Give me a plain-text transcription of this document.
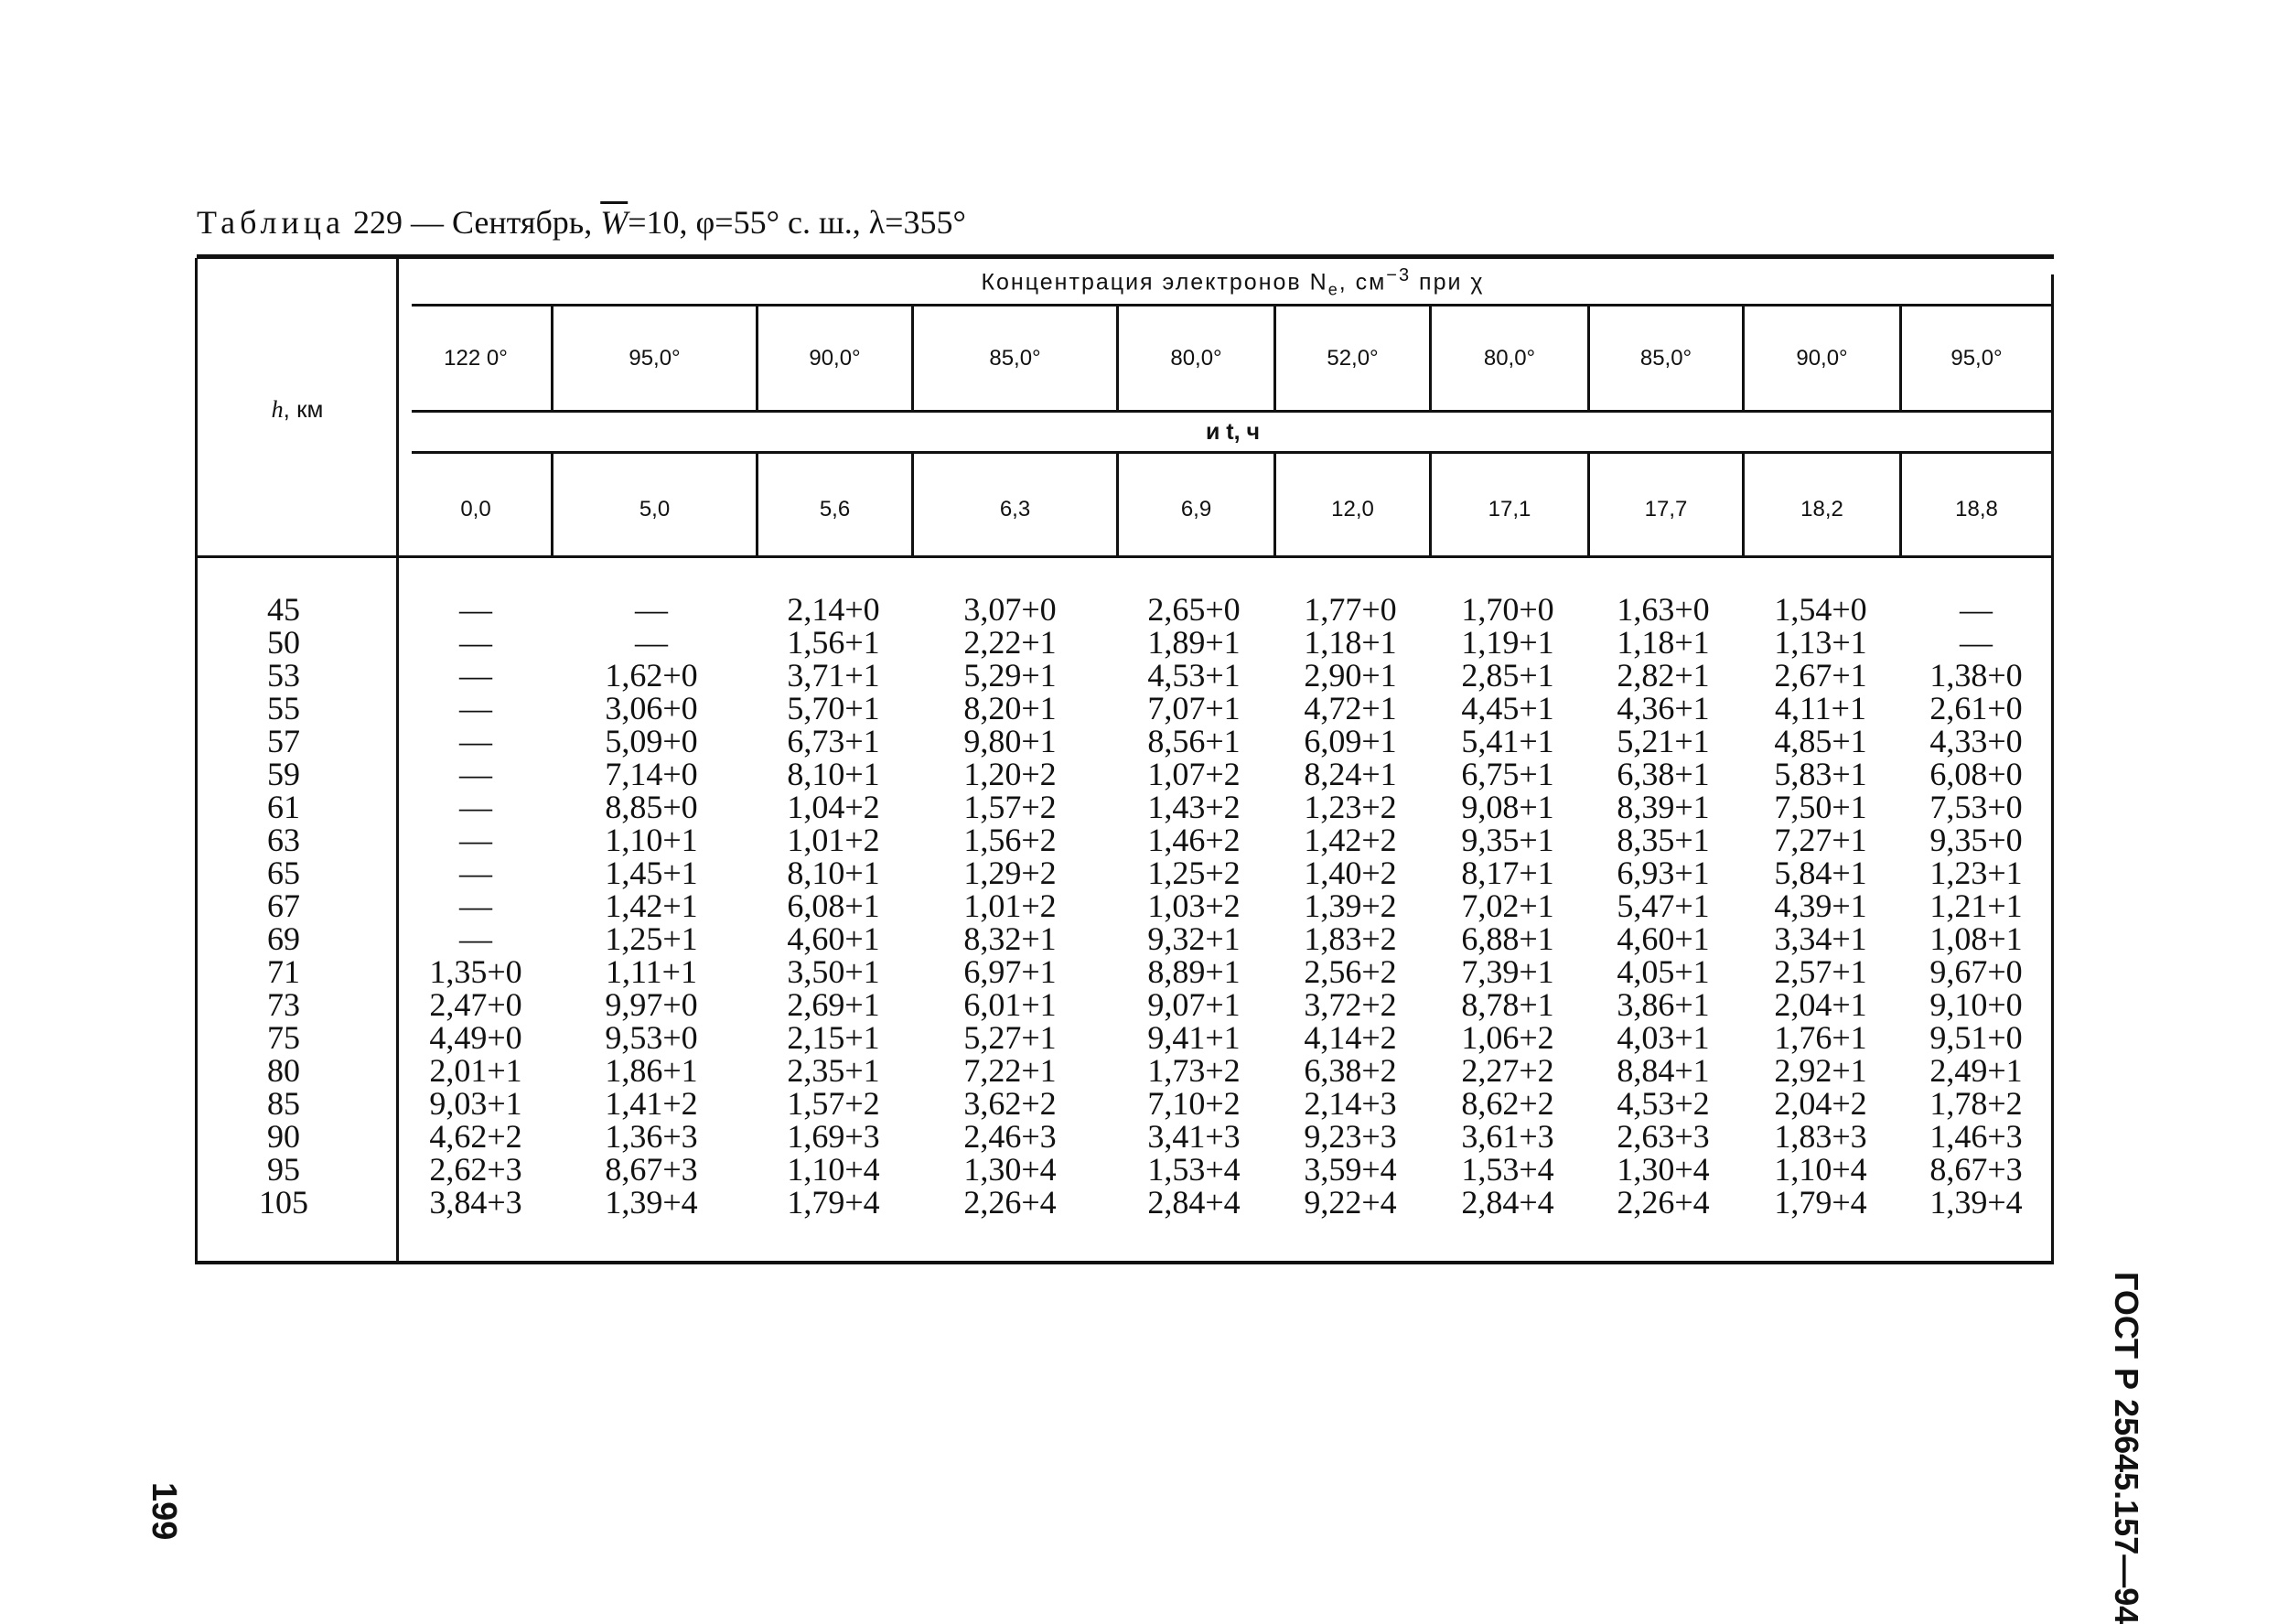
Таблица 229 — Сентябрь, $\overline{W}=10$, φ=55° с. ш., λ=355°
h, км
Концентрация электронов $N_e$, $см^{-3}$ при χ
и t, ч
122 0°	95,0°	90,0°	85,0°	80,0°	52,0°	80,0°	85,0°	90,0°	95,0°
0,0	5,0	5,6	6,3	6,9	12,0	17,1	17,7	18,2	18,8
45	—	—	2,14+0	3,07+0	2,65+0	1,77+0	1,70+0	1,63+0	1,54+0	—
50	—	—	1,56+1	2,22+1	1,89+1	1,18+1	1,19+1	1,18+1	1,13+1	—
53	—	1,62+0	3,71+1	5,29+1	4,53+1	2,90+1	2,85+1	2,82+1	2,67+1	1,38+0
55	—	3,06+0	5,70+1	8,20+1	7,07+1	4,72+1	4,45+1	4,36+1	4,11+1	2,61+0
57	—	5,09+0	6,73+1	9,80+1	8,56+1	6,09+1	5,41+1	5,21+1	4,85+1	4,33+0
59	—	7,14+0	8,10+1	1,20+2	1,07+2	8,24+1	6,75+1	6,38+1	5,83+1	6,08+0
61	—	8,85+0	1,04+2	1,57+2	1,43+2	1,23+2	9,08+1	8,39+1	7,50+1	7,53+0
63	—	1,10+1	1,01+2	1,56+2	1,46+2	1,42+2	9,35+1	8,35+1	7,27+1	9,35+0
65	—	1,45+1	8,10+1	1,29+2	1,25+2	1,40+2	8,17+1	6,93+1	5,84+1	1,23+1
67	—	1,42+1	6,08+1	1,01+2	1,03+2	1,39+2	7,02+1	5,47+1	4,39+1	1,21+1
69	—	1,25+1	4,60+1	8,32+1	9,32+1	1,83+2	6,88+1	4,60+1	3,34+1	1,08+1
71	1,35+0	1,11+1	3,50+1	6,97+1	8,89+1	2,56+2	7,39+1	4,05+1	2,57+1	9,67+0
73	2,47+0	9,97+0	2,69+1	6,01+1	9,07+1	3,72+2	8,78+1	3,86+1	2,04+1	9,10+0
75	4,49+0	9,53+0	2,15+1	5,27+1	9,41+1	4,14+2	1,06+2	4,03+1	1,76+1	9,51+0
80	2,01+1	1,86+1	2,35+1	7,22+1	1,73+2	6,38+2	2,27+2	8,84+1	2,92+1	2,49+1
85	9,03+1	1,41+2	1,57+2	3,62+2	7,10+2	2,14+3	8,62+2	4,53+2	2,04+2	1,78+2
90	4,62+2	1,36+3	1,69+3	2,46+3	3,41+3	9,23+3	3,61+3	2,63+3	1,83+3	1,46+3
95	2,62+3	8,67+3	1,10+4	1,30+4	1,53+4	3,59+4	1,53+4	1,30+4	1,10+4	8,67+3
105	3,84+3	1,39+4	1,79+4	2,26+4	2,84+4	9,22+4	2,84+4	2,26+4	1,79+4	1,39+4
ГОСТ Р 25645.157—94
199
